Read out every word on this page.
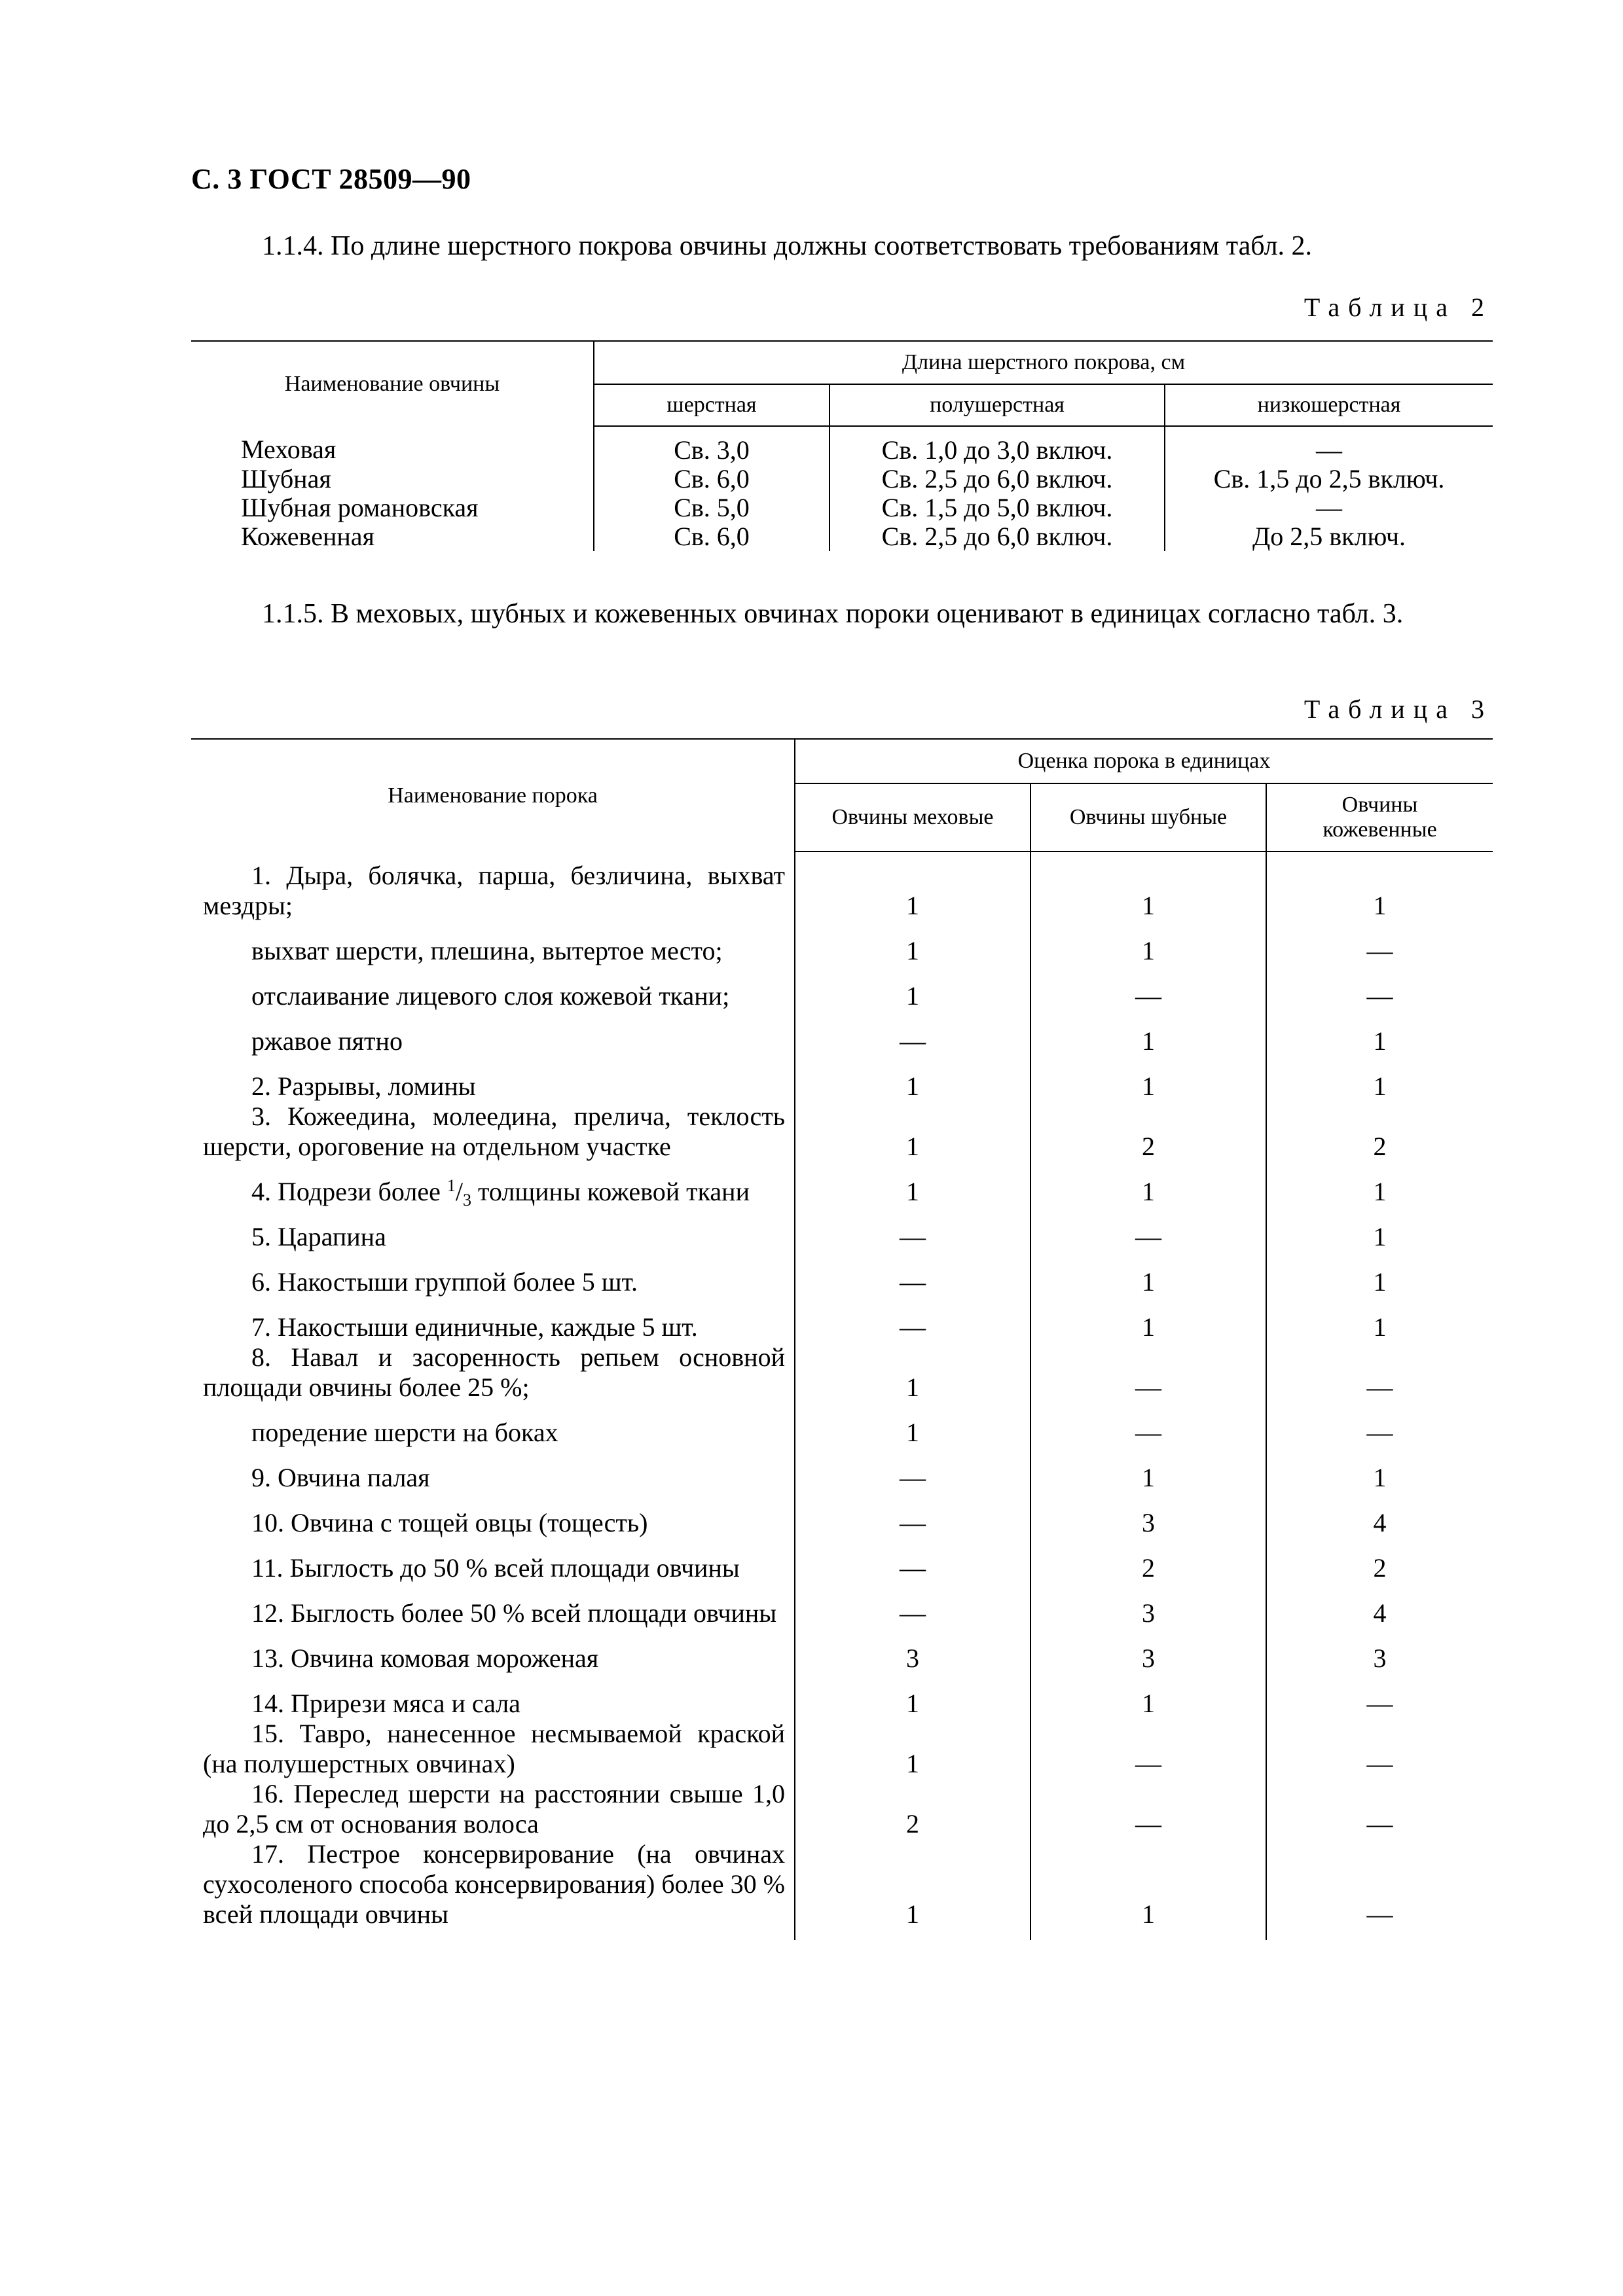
С. 3 ГОСТ 28509—90
1.1.4. По длине шерстного покрова овчины должны соответствовать требованиям табл. 2.
Таблица 2
Наименование овчины	Длина шерстного покрова, см		
	шерстная	полушерстная	низкошерстная
Меховая	Св. 3,0	Св. 1,0 до 3,0 включ.	—
Шубная	Св. 6,0	Св. 2,5 до 6,0 включ.	Св. 1,5 до 2,5 включ.
Шубная романовская	Св. 5,0	Св. 1,5 до 5,0 включ.	—
Кожевенная	Св. 6,0	Св. 2,5 до 6,0 включ.	До 2,5 включ.
1.1.5. В меховых, шубных и кожевенных овчинах пороки оценивают в единицах согласно табл. 3.
Таблица 3
Наименование порока	Оценка порока в единицах		
	Овчины меховые	Овчины шубные	Овчины кожевенные

1. Дыра, болячка, парша, безличина, выхват мездры;	1	1	1

выхват шерсти, плешина, вытертое место;	1	1	—

отслаивание лицевого слоя кожевой ткани;	1	—	—

ржавое пятно	—	1	1

2. Разрывы, ломины	1	1	1

3. Кожеедина, молеедина, прелича, теклость шерсти, ороговение на отдельном участке	1	2	2

4. Подрези более $^1/_3$ толщины кожевой ткани	1	1	1

5. Царапина	—	—	1

6. Накостыши группой более 5 шт.	—	1	1

7. Накостыши единичные, каждые 5 шт.	—	1	1

8. Навал и засоренность репьем основной площади овчины более 25 %;	1	—	—

поредение шерсти на боках	1	—	—

9. Овчина палая	—	1	1

10. Овчина с тощей овцы (тощесть)	—	3	4

11. Быглость до 50 % всей площади овчины	—	2	2

12. Быглость более 50 % всей площади овчины	—	3	4

13. Овчина комовая мороженая	3	3	3

14. Прирези мяса и сала	1	1	—

15. Тавро, нанесенное несмываемой краской (на полушерстных овчинах)	1	—	—

16. Переслед шерсти на расстоянии свыше 1,0 до 2,5 см от основания волоса	2	—	—

17. Пестрое консервирование (на овчинах сухосоленого способа консервирования) более 30 % всей площади овчины	1	1	—
